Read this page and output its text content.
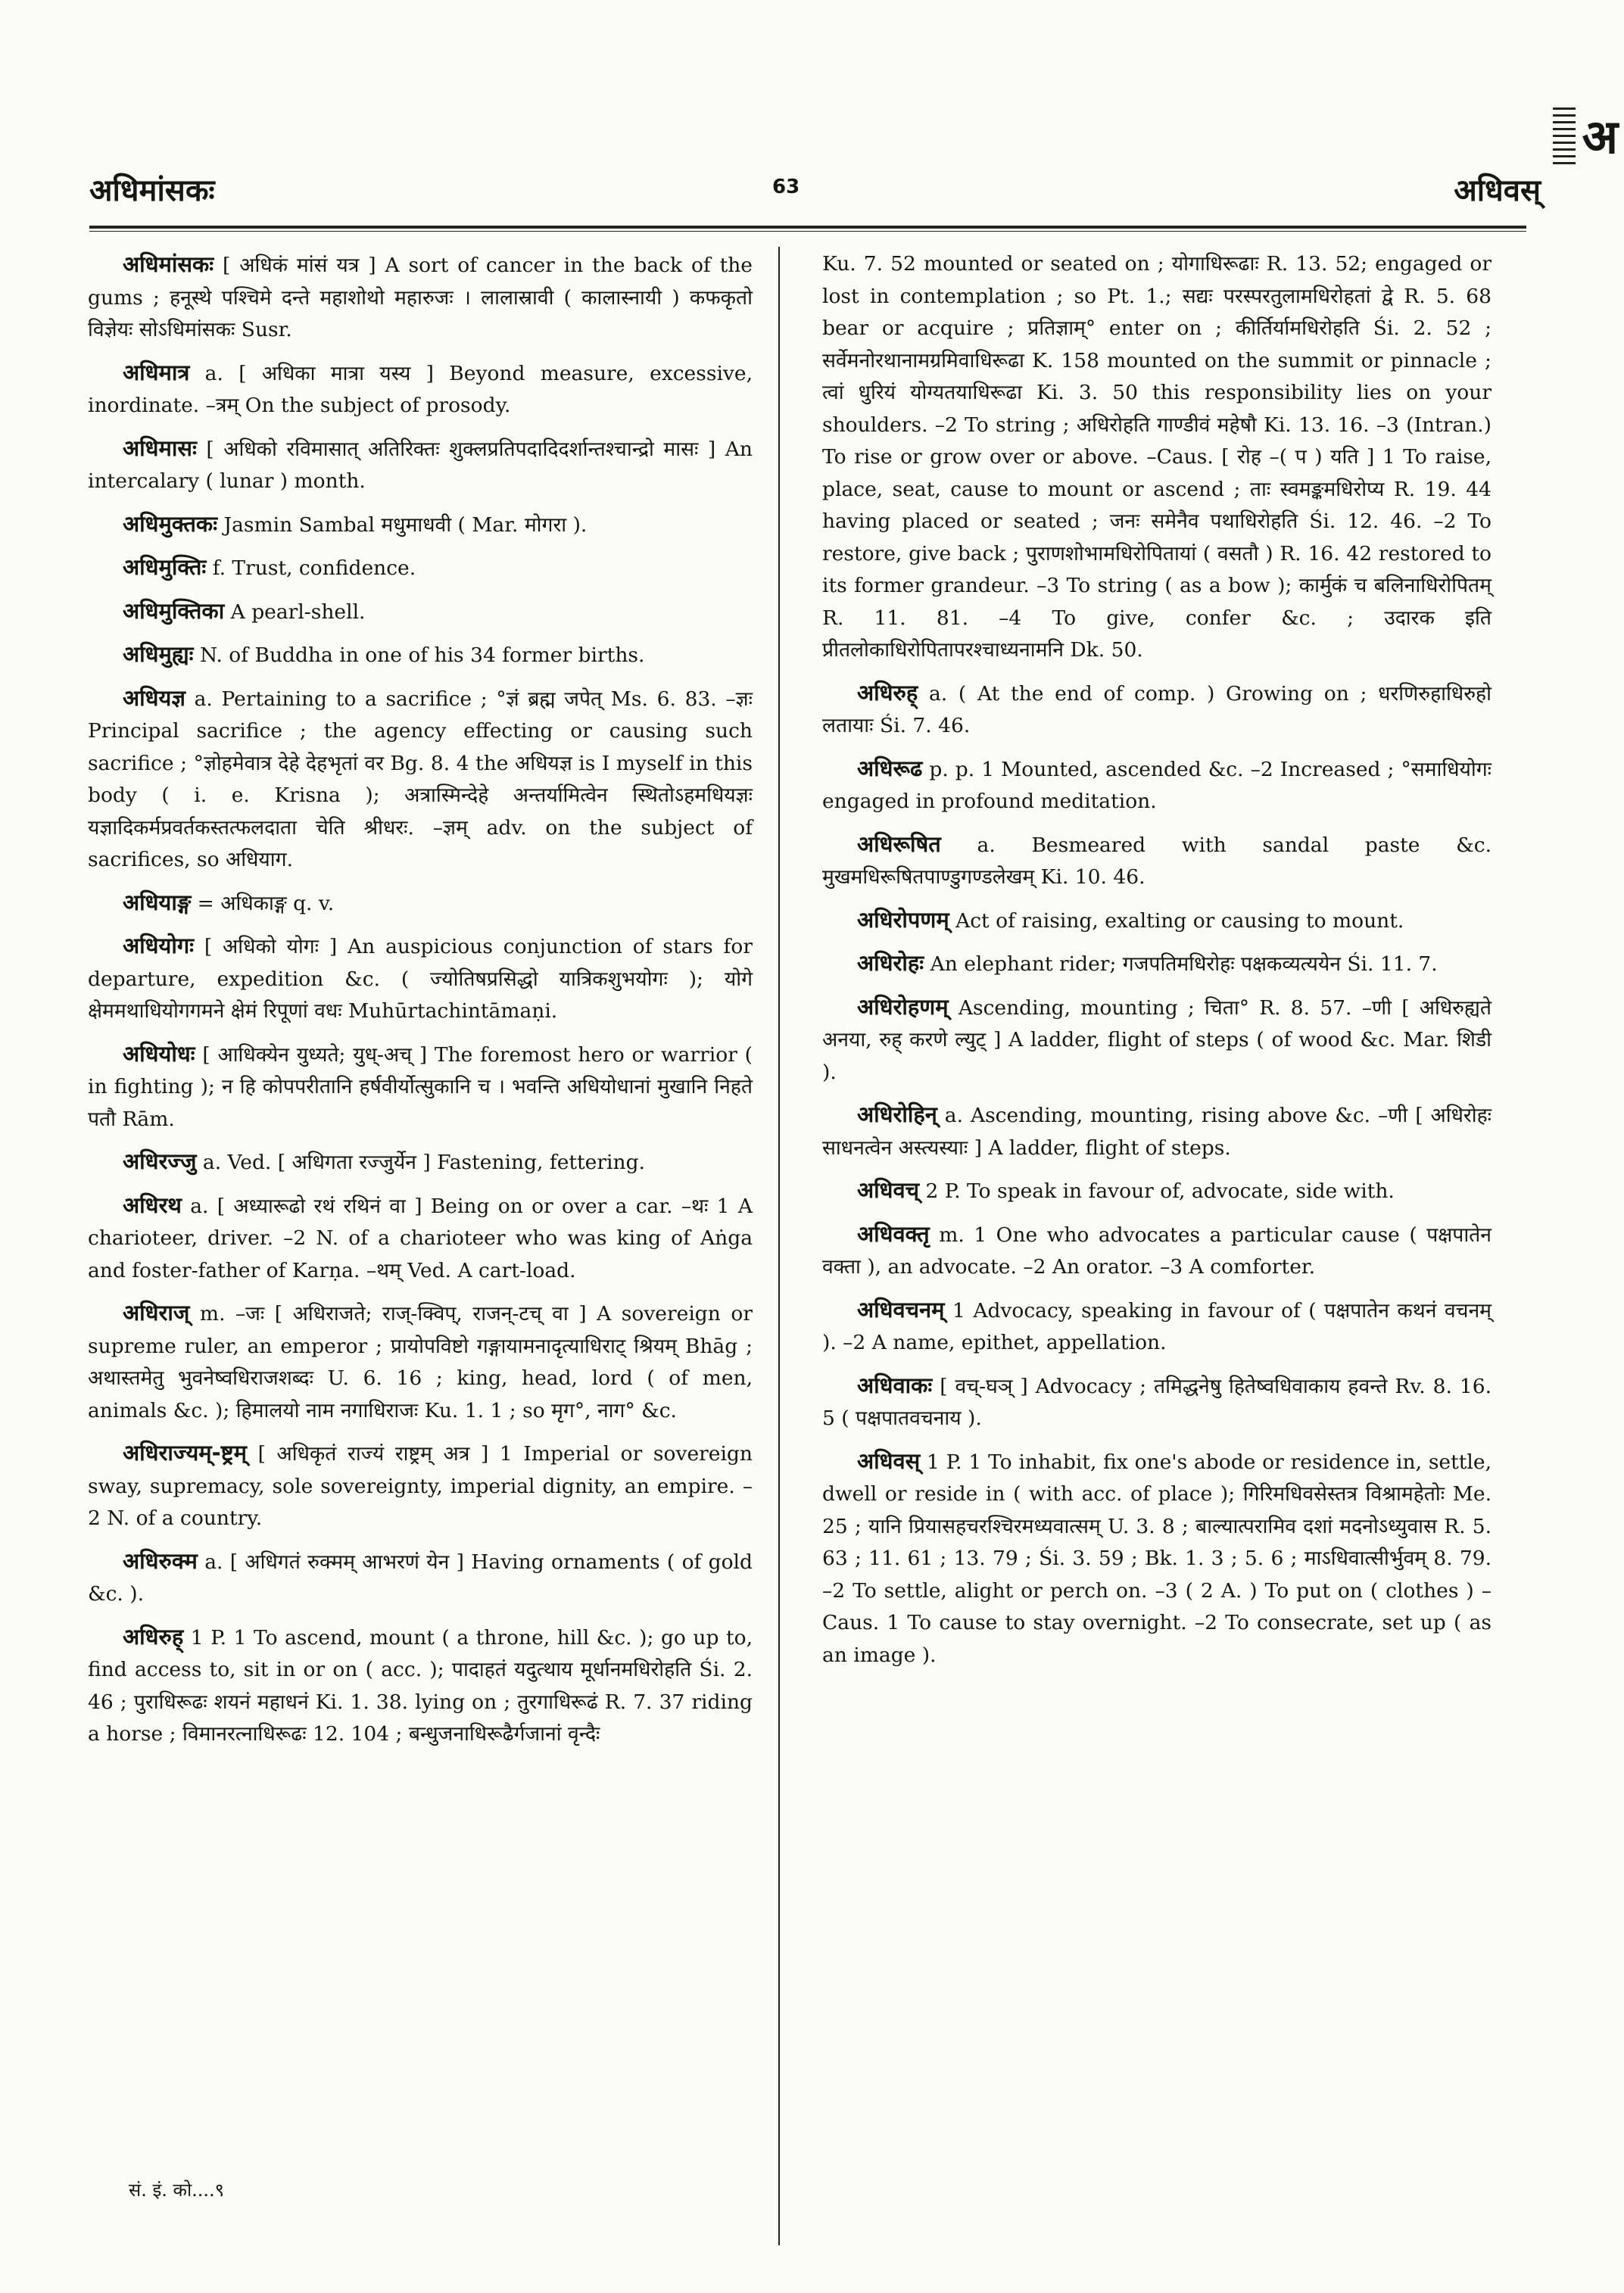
अ
अधिमांसकः	63	अधिवस्

अधिमांसकः [ अधिकं मांसं यत्र ] A sort of cancer in the back of the gums ; हनूस्थे पश्चिमे दन्ते महाशोथो महारुजः । लालास्रावी ( कालास्नायी ) कफकृतो विज्ञेयः सोऽधिमांसकः Susr.

अधिमात्र a. [ अधिका मात्रा यस्य ] Beyond measure, excessive, inordinate. –त्रम् On the subject of prosody.

अधिमासः [ अधिको रविमासात् अतिरिक्तः शुक्लप्रतिपदादिदर्शान्तश्चान्द्रो मासः ] An intercalary ( lunar ) month.

अधिमुक्तकः Jasmin Sambal मधुमाधवी ( Mar. मोगरा ).

अधिमुक्तिः f. Trust, confidence.

अधिमुक्तिका A pearl-shell.

अधिमुह्यः N. of Buddha in one of his 34 former births.

अधियज्ञ a. Pertaining to a sacrifice ; °ज्ञं ब्रह्म जपेत् Ms. 6. 83. –ज्ञः Principal sacrifice ; the agency effecting or causing such sacrifice ; °ज्ञोहमेवात्र देहे देहभृतां वर Bg. 8. 4 the अधियज्ञ is I myself in this body ( i. e. Krisna ); अत्रास्मिन्देहे अन्तर्यामित्वेन स्थितोऽहमधियज्ञः यज्ञादिकर्मप्रवर्तकस्तत्फलदाता चेति श्रीधरः. –ज्ञम् adv. on the subject of sacrifices, so अधियाग.

अधियाङ्ग = अधिकाङ्ग q. v.

अधियोगः [ अधिको योगः ] An auspicious conjunction of stars for departure, expedition &c. ( ज्योतिषप्रसिद्धो यात्रिकशुभयोगः ); योगे क्षेममथाधियोगगमने क्षेमं रिपूणां वधः Muhūrtachintāmaṇi.

अधियोधः [ आधिक्येन युध्यते; युध्-अच् ] The foremost hero or warrior ( in fighting ); न हि कोपपरीतानि हर्षवीर्योत्सुकानि च । भवन्ति अधियोधानां मुखानि निहते पतौ Rām.

अधिरज्जु a. Ved. [ अधिगता रज्जुर्येन ] Fastening, fettering.

अधिरथ a. [ अध्यारूढो रथं रथिनं वा ] Being on or over a car. –थः 1 A charioteer, driver. –2 N. of a charioteer who was king of Aṅga and foster-father of Karṇa. –थम् Ved. A cart-load.

अधिराज् m. –जः [ अधिराजते; राज्-क्विप्, राजन्-टच् वा ] A sovereign or supreme ruler, an emperor ; प्रायोपविष्टो गङ्गायामनादृत्याधिराट् श्रियम् Bhāg ; अथास्तमेतु भुवनेष्वधिराजशब्दः U. 6. 16 ; king, head, lord ( of men, animals &c. ); हिमालयो नाम नगाधिराजः Ku. 1. 1 ; so मृग°, नाग° &c.

अधिराज्यम्-ष्ट्रम् [ अधिकृतं राज्यं राष्ट्रम् अत्र ] 1 Imperial or sovereign sway, supremacy, sole sovereignty, imperial dignity, an empire. –2 N. of a country.

अधिरुक्म a. [ अधिगतं रुक्मम् आभरणं येन ] Having ornaments ( of gold &c. ).

अधिरुह् 1 P. 1 To ascend, mount ( a throne, hill &c. ); go up to, find access to, sit in or on ( acc. ); पादाहतं यदुत्थाय मूर्धानमधिरोहति Śi. 2. 46 ; पुराधिरूढः शयनं महाधनं Ki. 1. 38. lying on ; तुरगाधिरूढं R. 7. 37 riding a horse ; विमानरत्नाधिरूढः 12. 104 ; बन्धुजनाधिरूढैर्गजानां वृन्दैः

Ku. 7. 52 mounted or seated on ; योगाधिरूढाः R. 13. 52; engaged or lost in contemplation ; so Pt. 1.; सद्यः परस्परतुलामधिरोहतां द्वे R. 5. 68 bear or acquire ; प्रतिज्ञाम्° enter on ; कीर्तिर्यामधिरोहति Śi. 2. 52 ; सर्वेमनोरथानामग्रमिवाधिरूढा K. 158 mounted on the summit or pinnacle ; त्वां धुरियं योग्यतयाधिरूढा Ki. 3. 50 this responsibility lies on your shoulders. –2 To string ; अधिरोहति गाण्डीवं महेषौ Ki. 13. 16. –3 (Intran.) To rise or grow over or above. –Caus. [ रोह –( प ) यति ] 1 To raise, place, seat, cause to mount or ascend ; ताः स्वमङ्कमधिरोप्य R. 19. 44 having placed or seated ; जनः समेनैव पथाधिरोहति Śi. 12. 46. –2 To restore, give back ; पुराणशोभामधिरोपितायां ( वसतौ ) R. 16. 42 restored to its former grandeur. –3 To string ( as a bow ); कार्मुकं च बलिनाधिरोपितम् R. 11. 81. –4 To give, confer &c. ; उदारक इति प्रीतलोकाधिरोपितापरश्चाध्यनामनि Dk. 50.

अधिरुह् a. ( At the end of comp. ) Growing on ; धरणिरुहाधिरुहो लतायाः Śi. 7. 46.

अधिरूढ p. p. 1 Mounted, ascended &c. –2 Increased ; °समाधियोगः engaged in profound meditation.

अधिरूषित a. Besmeared with sandal paste &c. मुखमधिरूषितपाण्डुगण्डलेखम् Ki. 10. 46.

अधिरोपणम् Act of raising, exalting or causing to mount.

अधिरोहः An elephant rider; गजपतिमधिरोहः पक्षकव्यत्ययेन Śi. 11. 7.

अधिरोहणम् Ascending, mounting ; चिता° R. 8. 57. –णी [ अधिरुह्यते अनया, रुह् करणे ल्युट् ] A ladder, flight of steps ( of wood &c. Mar. शिडी ).

अधिरोहिन् a. Ascending, mounting, rising above &c. –णी [ अधिरोहः साधनत्वेन अस्त्यस्याः ] A ladder, flight of steps.

अधिवच् 2 P. To speak in favour of, advocate, side with.

अधिवक्तृ m. 1 One who advocates a particular cause ( पक्षपातेन वक्ता ), an advocate. –2 An orator. –3 A comforter.

अधिवचनम् 1 Advocacy, speaking in favour of ( पक्षपातेन कथनं वचनम् ). –2 A name, epithet, appellation.

अधिवाकः [ वच्-घञ् ] Advocacy ; तमिद्धनेषु हितेष्वधिवाकाय हवन्ते Rv. 8. 16. 5 ( पक्षपातवचनाय ).

अधिवस् 1 P. 1 To inhabit, fix one's abode or residence in, settle, dwell or reside in ( with acc. of place ); गिरिमधिवसेस्तत्र विश्रामहेतोः Me. 25 ; यानि प्रियासहचरश्चिरमध्यवात्सम् U. 3. 8 ; बाल्यात्परामिव दशां मदनोऽध्युवास R. 5. 63 ; 11. 61 ; 13. 79 ; Śi. 3. 59 ; Bk. 1. 3 ; 5. 6 ; माऽधिवात्सीर्भुवम् 8. 79. –2 To settle, alight or perch on. –3 ( 2 A. ) To put on ( clothes ) –Caus. 1 To cause to stay overnight. –2 To consecrate, set up ( as an image ).

सं. इं. को....९
